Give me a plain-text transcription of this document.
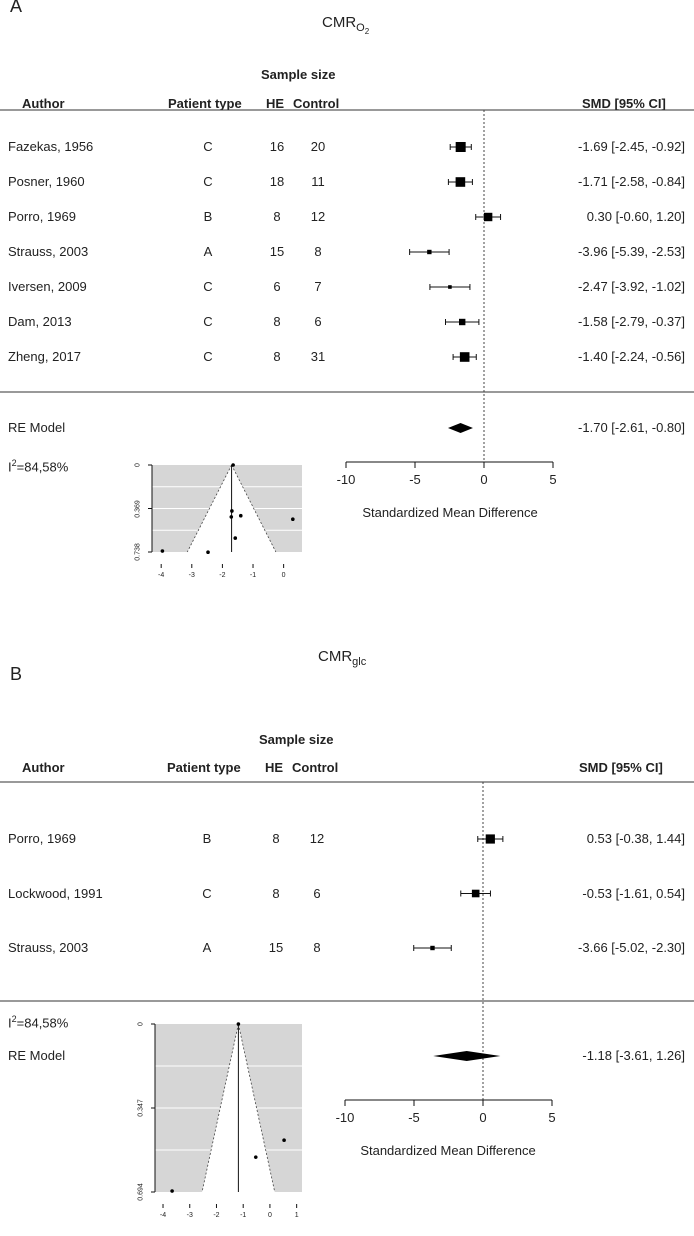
A
$CMR_{O2}$
Sample size
Author	Patient type HE Control	SMD [95% CI]
Fazekas, 1956	C	16 20	-1.69 [-2.45, -0.92]
Posner, 1960	C	18 11	-1.71 [-2.58, -0.84]
Porro, 1969	B	8 12	0.30 [-0.60, 1.20]
Strauss, 2003	A	15 8	-3.96 [-5.39, -2.53]
Iversen, 2009	C	6	7	-2.47 [-3.92, -1.02]
Dam, 2013	C	8	6	-1.58 [-2.79, -0.37]
Zheng, 2017	C	8 31	-1.40 [-2.24, -0.56]
RE Model	-1.70 [-2.61, -0.80]
$I^2=84,58\%$
-10	-5	0	5
Standardized Mean Difference
0
0.369
0.738
-4	-3	-2	-1	0
B
$CMR_{glc}$
Sample size
Author	Patient type HE Control	SMD [95% CI]
Porro, 1969	B	8 12	0.53 [-0.38, 1.44]
Lockwood, 1991	C	8	6	-0.53 [-1.61, 0.54]
Strauss, 2003	A	15 8	-3.66 [-5.02, -2.30]
RE Model	-1.18 [-3.61, 1.26]
$I^2=84,58\%$
-10	-5	0	5
Standardized Mean Difference
0
0.347
0.694
-4	-3	-2	-1	0	1
